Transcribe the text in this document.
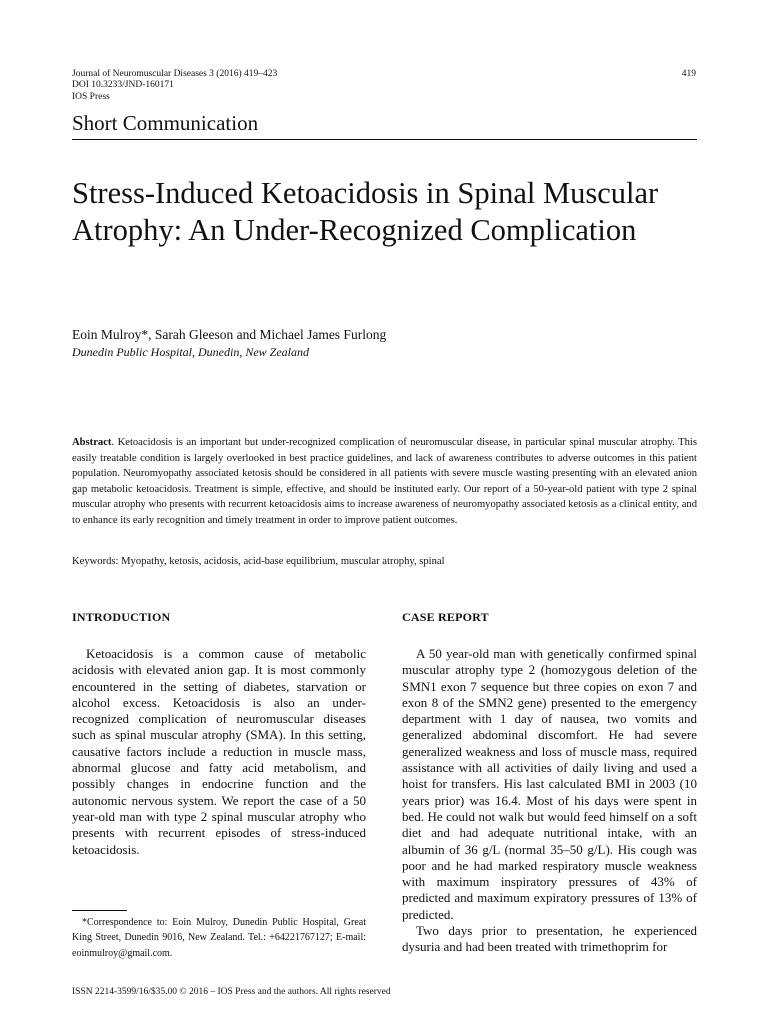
Journal of Neuromuscular Diseases 3 (2016) 419–423
DOI 10.3233/JND-160171
IOS Press
419
Short Communication
Stress-Induced Ketoacidosis in Spinal Muscular Atrophy: An Under-Recognized Complication
Eoin Mulroy*, Sarah Gleeson and Michael James Furlong
Dunedin Public Hospital, Dunedin, New Zealand
Abstract. Ketoacidosis is an important but under-recognized complication of neuromuscular disease, in particular spinal muscular atrophy. This easily treatable condition is largely overlooked in best practice guidelines, and lack of awareness contributes to adverse outcomes in this patient population. Neuromyopathy associated ketosis should be considered in all patients with severe muscle wasting presenting with an elevated anion gap metabolic ketoacidosis. Treatment is simple, effective, and should be instituted early. Our report of a 50-year-old patient with type 2 spinal muscular atrophy who presents with recurrent ketoacidosis aims to increase awareness of neuromyopathy associated ketosis as a clinical entity, and to enhance its early recognition and timely treatment in order to improve patient outcomes.
Keywords: Myopathy, ketosis, acidosis, acid-base equilibrium, muscular atrophy, spinal
INTRODUCTION

Ketoacidosis is a common cause of metabolic acidosis with elevated anion gap. It is most commonly encountered in the setting of diabetes, starvation or alcohol excess. Ketoacidosis is also an under-recognized complication of neuromuscular diseases such as spinal muscular atrophy (SMA). In this setting, causative factors include a reduction in muscle mass, abnormal glucose and fatty acid metabolism, and possibly changes in endocrine function and the autonomic nervous system. We report the case of a 50 year-old man with type 2 spinal muscular atrophy who presents with recurrent episodes of stress-induced ketoacidosis.

CASE REPORT

A 50 year-old man with genetically confirmed spinal muscular atrophy type 2 (homozygous deletion of the SMN1 exon 7 sequence but three copies on exon 7 and exon 8 of the SMN2 gene) presented to the emergency department with 1 day of nausea, two vomits and generalized abdominal discomfort. He had severe generalized weakness and loss of muscle mass, required assistance with all activities of daily living and used a hoist for transfers. His last calculated BMI in 2003 (10 years prior) was 16.4. Most of his days were spent in bed. He could not walk but would feed himself on a soft diet and had adequate nutritional intake, with an albumin of 36 g/L (normal 35–50 g/L). His cough was poor and he had marked respiratory muscle weakness with maximum inspiratory pressures of 43% of predicted and maximum expiratory pressures of 13% of predicted.

Two days prior to presentation, he experienced dysuria and had been treated with trimethoprim for

*Correspondence to: Eoin Mulroy, Dunedin Public Hospital, Great King Street, Dunedin 9016, New Zealand. Tel.: +64221767127; E-mail: eoinmulroy@gmail.com.
ISSN 2214-3599/16/$35.00 © 2016 – IOS Press and the authors. All rights reserved
